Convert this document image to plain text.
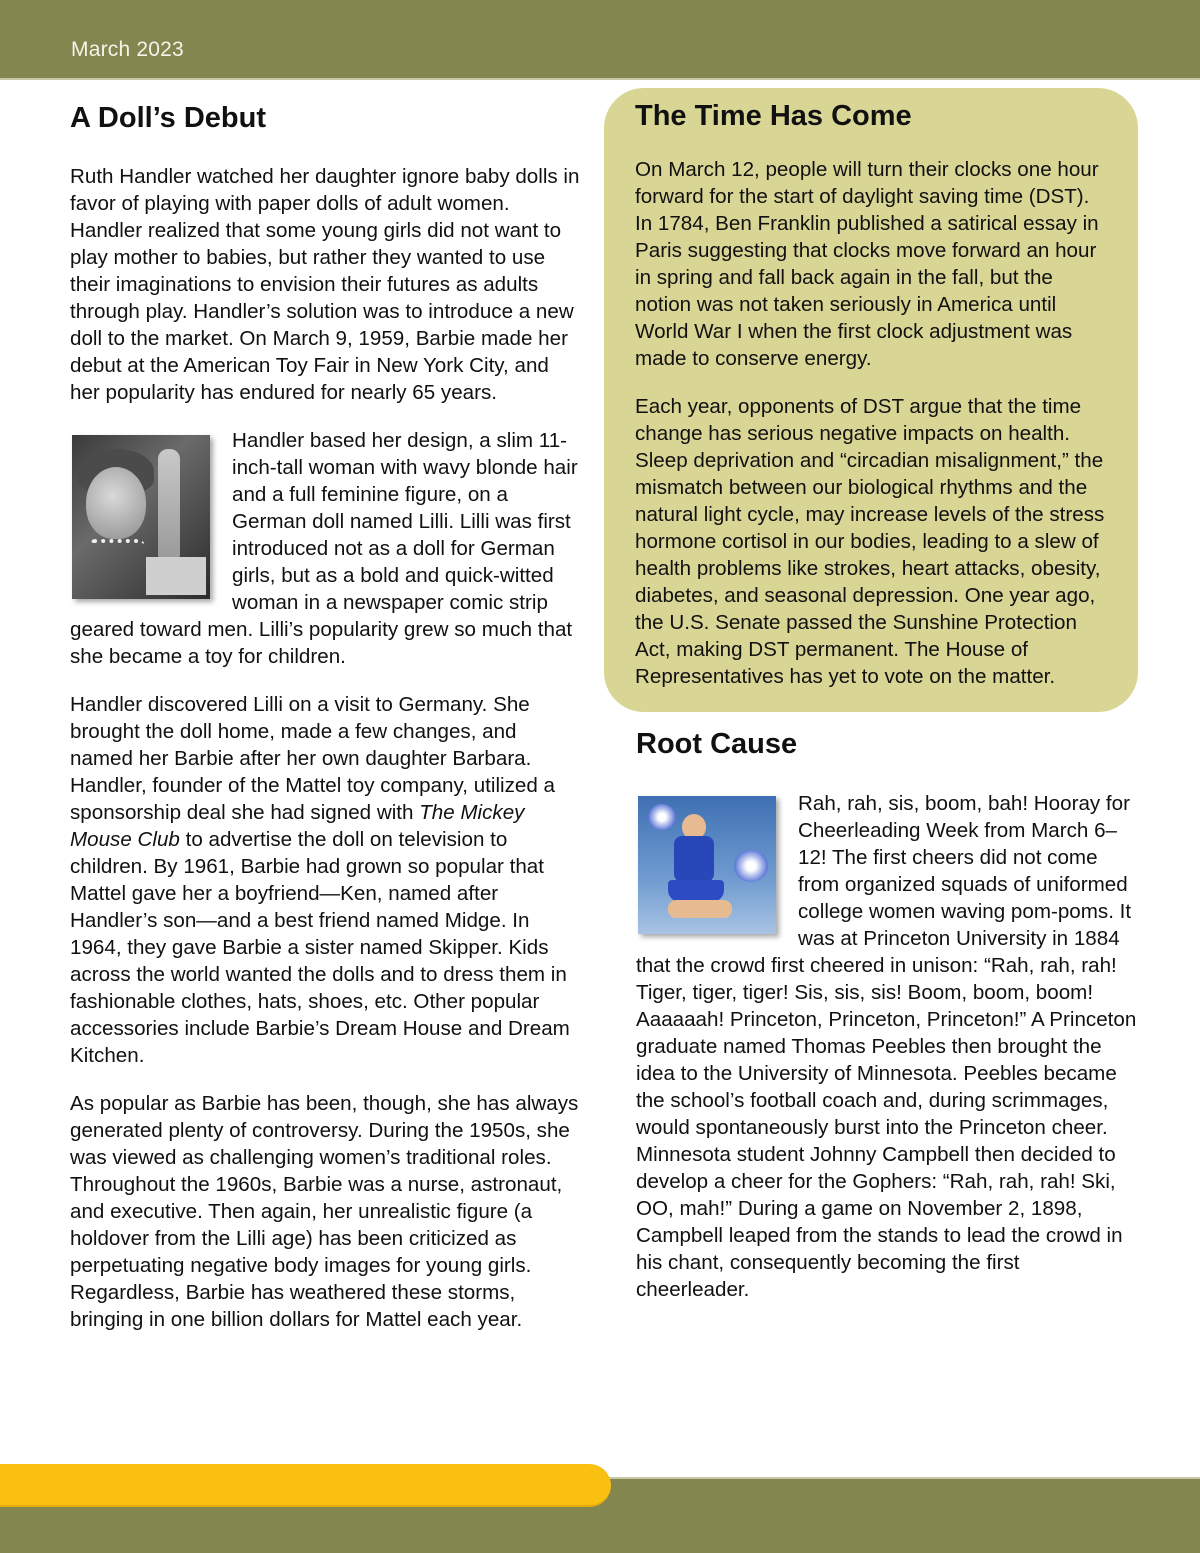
March 2023
A Doll’s Debut

Ruth Handler watched her daughter ignore baby dolls in favor of playing with paper dolls of adult women. Handler realized that some young girls did not want to play mother to babies, but rather they wanted to use their imaginations to envision their futures as adults through play. Handler’s solution was to introduce a new doll to the market. On March 9, 1959, Barbie made her debut at the American Toy Fair in New York City, and her popularity has endured for nearly 65 years.

Handler based her design, a slim 11-inch-tall woman with wavy blonde hair and a full feminine figure, on a German doll named Lilli. Lilli was first introduced not as a doll for German girls, but as a bold and quick-witted woman in a newspaper comic strip geared toward men. Lilli’s popularity grew so much that she became a toy for children.

Handler discovered Lilli on a visit to Germany. She brought the doll home, made a few changes, and named her Barbie after her own daughter Barbara. Handler, founder of the Mattel toy company, utilized a sponsorship deal she had signed with The Mickey Mouse Club to advertise the doll on television to children. By 1961, Barbie had grown so popular that Mattel gave her a boyfriend—Ken, named after Handler’s son—and a best friend named Midge. In 1964, they gave Barbie a sister named Skipper. Kids across the world wanted the dolls and to dress them in fashionable clothes, hats, shoes, etc. Other popular accessories include Barbie’s Dream House and Dream Kitchen.

As popular as Barbie has been, though, she has always generated plenty of controversy. During the 1950s, she was viewed as challenging women’s traditional roles. Throughout the 1960s, Barbie was a nurse, astronaut, and executive. Then again, her unrealistic figure (a holdover from the Lilli age) has been criticized as perpetuating negative body images for young girls. Regardless, Barbie has weathered these storms, bringing in one billion dollars for Mattel each year.

The Time Has Come

On March 12, people will turn their clocks one hour forward for the start of daylight saving time (DST). In 1784, Ben Franklin published a satirical essay in Paris suggesting that clocks move forward an hour in spring and fall back again in the fall, but the notion was not taken seriously in America until World War I when the first clock adjustment was made to conserve energy.

Each year, opponents of DST argue that the time change has serious negative impacts on health. Sleep deprivation and “circadian misalignment,” the mismatch between our biological rhythms and the natural light cycle, may increase levels of the stress hormone cortisol in our bodies, leading to a slew of health problems like strokes, heart attacks, obesity, diabetes, and seasonal depression. One year ago, the U.S. Senate passed the Sunshine Protection Act, making DST permanent. The House of Representatives has yet to vote on the matter.

Root Cause
Rah, rah, sis, boom, bah! Hooray for Cheerleading Week from March 6–12! The first cheers did not come from organized squads of uniformed college women waving pom-poms. It was at Princeton University in 1884 that the crowd first cheered in unison: “Rah, rah, rah! Tiger, tiger, tiger! Sis, sis, sis! Boom, boom, boom! Aaaaaah! Princeton, Princeton, Princeton!” A Princeton graduate named Thomas Peebles then brought the idea to the University of Minnesota. Peebles became the school’s football coach and, during scrimmages, would spontaneously burst into the Princeton cheer. Minnesota student Johnny Campbell then decided to develop a cheer for the Gophers: “Rah, rah, rah! Ski, OO, mah!” During a game on November 2, 1898, Campbell leaped from the stands to lead the crowd in his chant, consequently becoming the first cheerleader.
